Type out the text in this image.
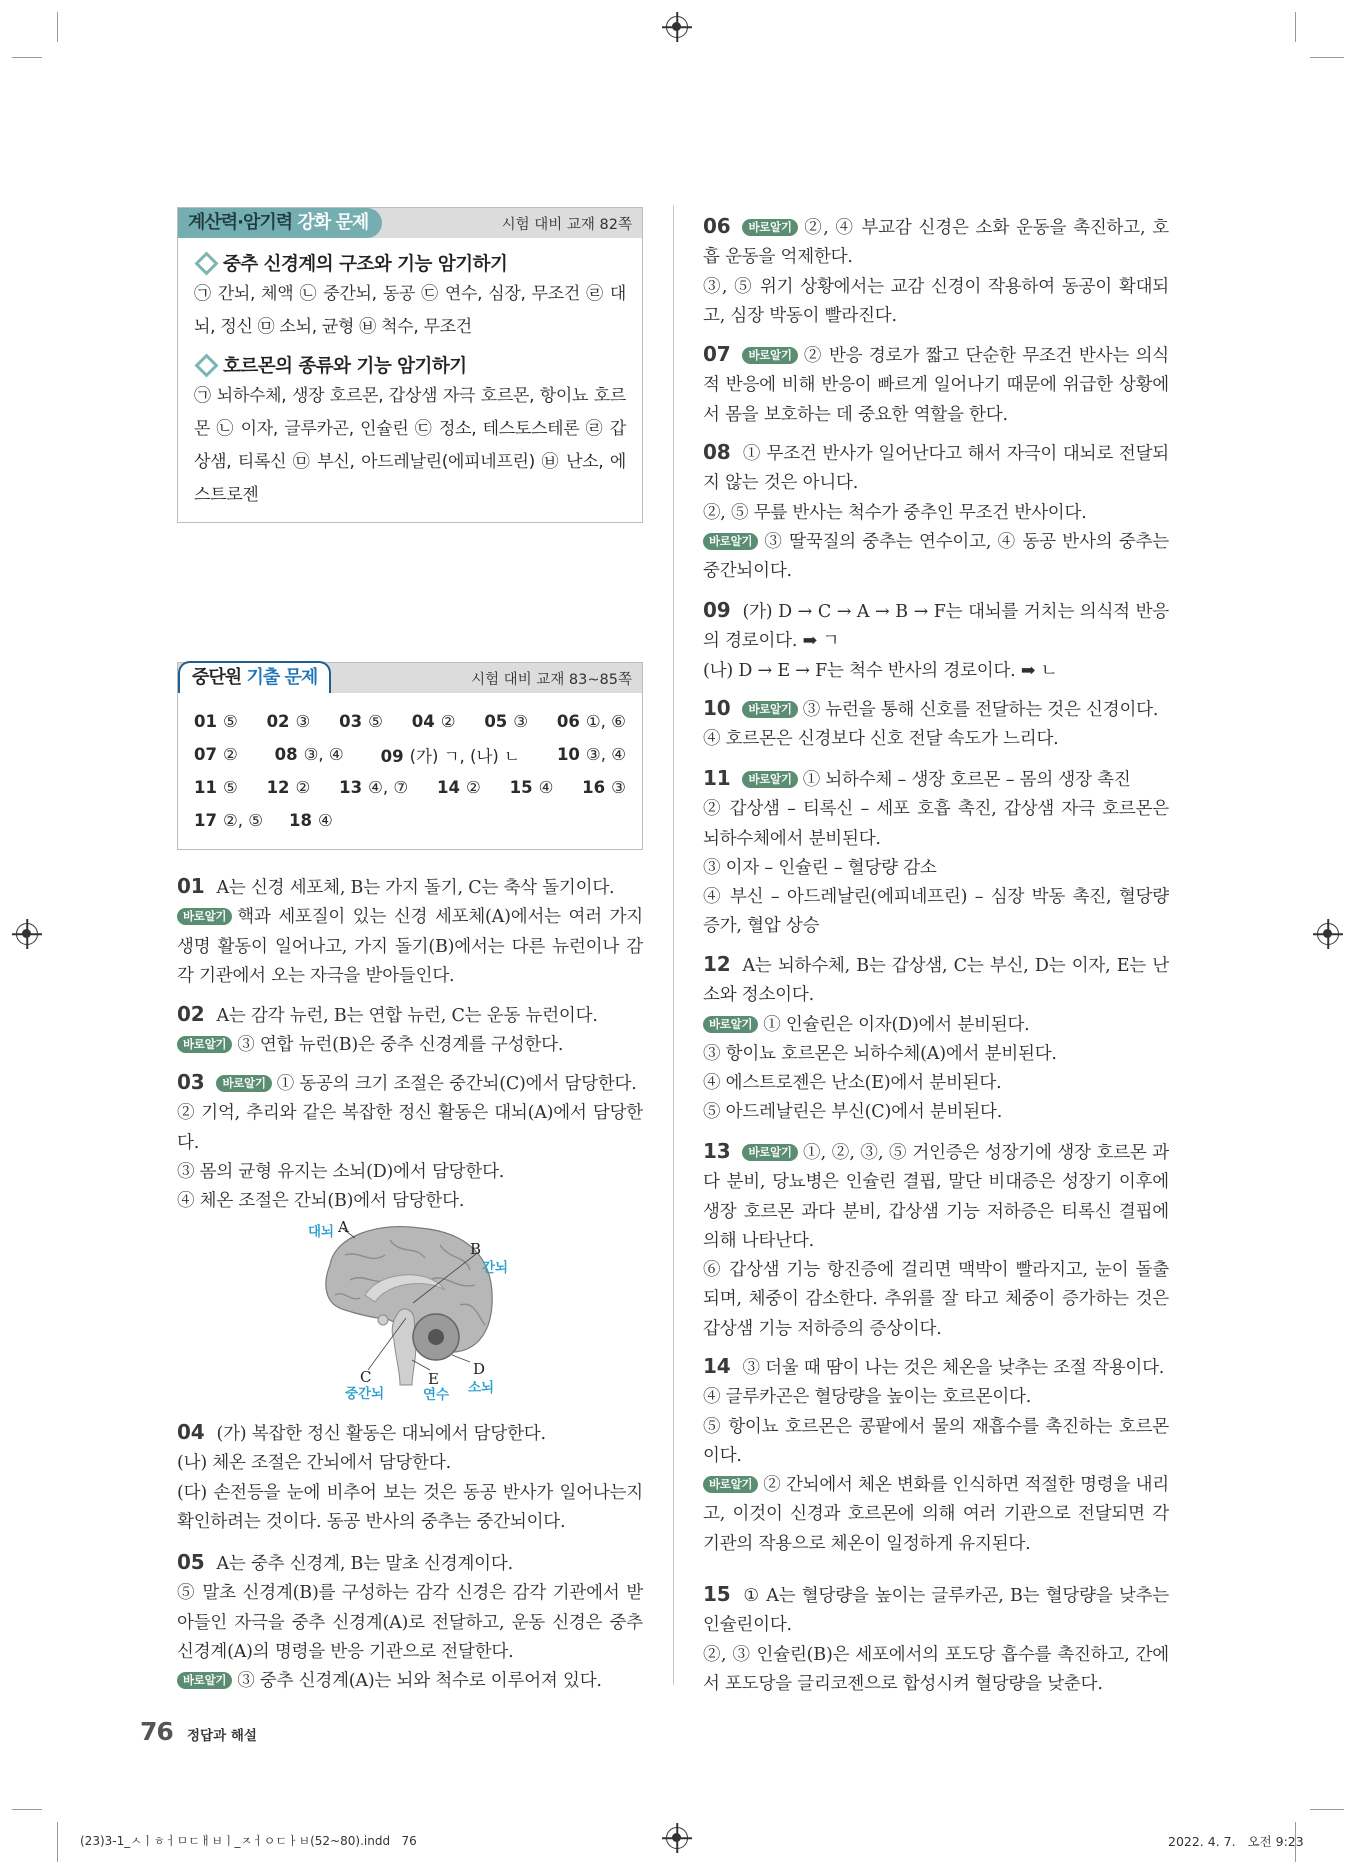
계산력·암기력 강화 문제	시험 대비 교재 82쪽
중추 신경계의 구조와 기능 암기하기
㉠ 간뇌, 체액 ㉡ 중간뇌, 동공 ㉢ 연수, 심장, 무조건 ㉣ 대뇌, 정신 ㉤ 소뇌, 균형 ㉥ 척수, 무조건
호르몬의 종류와 기능 암기하기
㉠ 뇌하수체, 생장 호르몬, 갑상샘 자극 호르몬, 항이뇨 호르몬 ㉡ 이자, 글루카곤, 인슐린 ㉢ 정소, 테스토스테론 ㉣ 갑상샘, 티록신 ㉤ 부신, 아드레날린(에피네프린) ㉥ 난소, 에스트로젠
중단원 기출 문제	시험 대비 교재 83~85쪽
01 ⑤ 02 ③ 03 ⑤ 04 ② 05 ③ 06 ①, ⑥
07 ② 08 ③, ④ 09 (가) ㄱ, (나) ㄴ 10 ③, ④
11 ⑤ 12 ② 13 ④, ⑦ 14 ② 15 ④ 16 ③
17 ②, ⑤ 18 ④

01 A는 신경 세포체, B는 가지 돌기, C는 축삭 돌기이다.

바로알기 핵과 세포질이 있는 신경 세포체(A)에서는 여러 가지 생명 활동이 일어나고, 가지 돌기(B)에서는 다른 뉴런이나 감각 기관에서 오는 자극을 받아들인다.

02 A는 감각 뉴런, B는 연합 뉴런, C는 운동 뉴런이다.

바로알기 ③ 연합 뉴런(B)은 중추 신경계를 구성한다.

03 바로알기 ① 동공의 크기 조절은 중간뇌(C)에서 담당한다.

② 기억, 추리와 같은 복잡한 정신 활동은 대뇌(A)에서 담당한다.

③ 몸의 균형 유지는 소뇌(D)에서 담당한다.

④ 체온 조절은 간뇌(B)에서 담당한다.

04 (가) 복잡한 정신 활동은 대뇌에서 담당한다.

(나) 체온 조절은 간뇌에서 담당한다.

(다) 손전등을 눈에 비추어 보는 것은 동공 반사가 일어나는지 확인하려는 것이다. 동공 반사의 중추는 중간뇌이다.

05 A는 중추 신경계, B는 말초 신경계이다.

⑤ 말초 신경계(B)를 구성하는 감각 신경은 감각 기관에서 받아들인 자극을 중추 신경계(A)로 전달하고, 운동 신경은 중추 신경계(A)의 명령을 반응 기관으로 전달한다.

바로알기 ③ 중추 신경계(A)는 뇌와 척수로 이루어져 있다.

06 바로알기 ②, ④ 부교감 신경은 소화 운동을 촉진하고, 호흡 운동을 억제한다.

③, ⑤ 위기 상황에서는 교감 신경이 작용하여 동공이 확대되고, 심장 박동이 빨라진다.

07 바로알기 ② 반응 경로가 짧고 단순한 무조건 반사는 의식적 반응에 비해 반응이 빠르게 일어나기 때문에 위급한 상황에서 몸을 보호하는 데 중요한 역할을 한다.

08 ① 무조건 반사가 일어난다고 해서 자극이 대뇌로 전달되지 않는 것은 아니다.

②, ⑤ 무릎 반사는 척수가 중추인 무조건 반사이다.

바로알기 ③ 딸꾹질의 중추는 연수이고, ④ 동공 반사의 중추는 중간뇌이다.

09 (가) D → C → A → B → F는 대뇌를 거치는 의식적 반응의 경로이다. ➡ ㄱ

(나) D → E → F는 척수 반사의 경로이다. ➡ ㄴ

10 바로알기 ③ 뉴런을 통해 신호를 전달하는 것은 신경이다.

④ 호르몬은 신경보다 신호 전달 속도가 느리다.

11 바로알기 ① 뇌하수체 – 생장 호르몬 – 몸의 생장 촉진

② 갑상샘 – 티록신 – 세포 호흡 촉진, 갑상샘 자극 호르몬은 뇌하수체에서 분비된다.

③ 이자 – 인슐린 – 혈당량 감소

④ 부신 – 아드레날린(에피네프린) – 심장 박동 촉진, 혈당량 증가, 혈압 상승

12 A는 뇌하수체, B는 갑상샘, C는 부신, D는 이자, E는 난소와 정소이다.

바로알기 ① 인슐린은 이자(D)에서 분비된다.

③ 항이뇨 호르몬은 뇌하수체(A)에서 분비된다.

④ 에스트로젠은 난소(E)에서 분비된다.

⑤ 아드레날린은 부신(C)에서 분비된다.

13 바로알기 ①, ②, ③, ⑤ 거인증은 성장기에 생장 호르몬 과다 분비, 당뇨병은 인슐린 결핍, 말단 비대증은 성장기 이후에 생장 호르몬 과다 분비, 갑상샘 기능 저하증은 티록신 결핍에 의해 나타난다.

⑥ 갑상샘 기능 항진증에 걸리면 맥박이 빨라지고, 눈이 돌출되며, 체중이 감소한다. 추위를 잘 타고 체중이 증가하는 것은 갑상샘 기능 저하증의 증상이다.

14 ③ 더울 때 땀이 나는 것은 체온을 낮추는 조절 작용이다.

④ 글루카곤은 혈당량을 높이는 호르몬이다.

⑤ 항이뇨 호르몬은 콩팥에서 물의 재흡수를 촉진하는 호르몬이다.

바로알기 ② 간뇌에서 체온 변화를 인식하면 적절한 명령을 내리고, 이것이 신경과 호르몬에 의해 여러 기관으로 전달되면 각 기관의 작용으로 체온이 일정하게 유지된다.

15 ① A는 혈당량을 높이는 글루카곤, B는 혈당량을 낮추는 인슐린이다.

②, ③ 인슐린(B)은 세포에서의 포도당 흡수를 촉진하고, 간에서 포도당을 글리코젠으로 합성시켜 혈당량을 낮춘다.

대뇌 A
B
간뇌
C
중간뇌
E
연수
D
소뇌
76 정답과 해설
(23)3-1_ㅅㅣㅎㅓㅁㄷㅐㅂㅣ_ㅈㅓㅇㄷㅏㅂ(52~80).indd   76	2022. 4. 7.   오전 9:23
